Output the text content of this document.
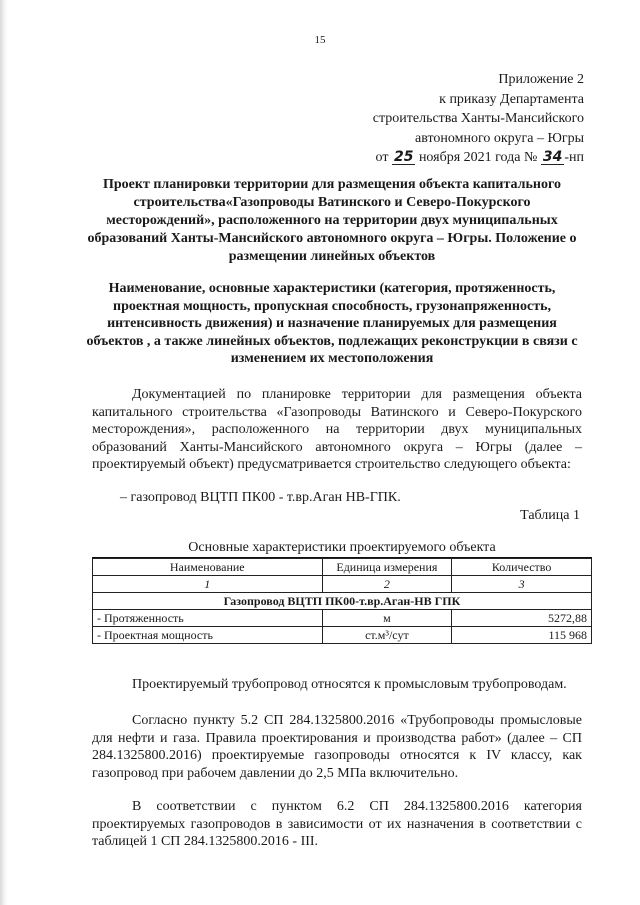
15
Приложение 2
к приказу Департамента
строительства Ханты-Мансийского
автономного округа – Югры
от 25 ноября 2021 года № 34 -нп
Проект планировки территории для размещения объекта капитального строительства«Газопроводы Ватинского и Северо-Покурского месторождений», расположенного на территории двух муниципальных образований Ханты-Мансийского автономного округа – Югры. Положение о размещении линейных объектов
Наименование, основные характеристики (категория, протяженность, проектная мощность, пропускная способность, грузонапряженность, интенсивность движения) и назначение планируемых для размещения объектов , а также линейных объектов, подлежащих реконструкции в связи с изменением их местоположения
Документацией по планировке территории для размещения объекта капитального строительства «Газопроводы Ватинского и Северо-Покурского месторождения», расположенного на территории двух муниципальных образований Ханты-Мансийского автономного округа – Югры (далее – проектируемый объект) предусматривается строительство следующего объекта:
– газопровод ВЦТП ПК00 - т.вр.Аган НВ-ГПК.
Таблица 1
Основные характеристики проектируемого объекта
Наименование	Единица измерения	Количество
1	2	3
Газопровод ВЦТП ПК00-т.вр.Аган-НВ ГПК		
- Протяженность	м	5272,88
- Проектная мощность	ст.м³/сут	115 968
Проектируемый трубопровод относятся к промысловым трубопроводам.
Согласно пункту 5.2 СП 284.1325800.2016 «Трубопроводы промысловые для нефти и газа. Правила проектирования и производства работ» (далее – СП 284.1325800.2016) проектируемые газопроводы относятся к IV классу, как газопровод при рабочем давлении до 2,5 МПа включительно.
В соответствии с пунктом 6.2 СП 284.1325800.2016 категория проектируемых газопроводов в зависимости от их назначения в соответствии с таблицей 1 СП 284.1325800.2016 - III.
